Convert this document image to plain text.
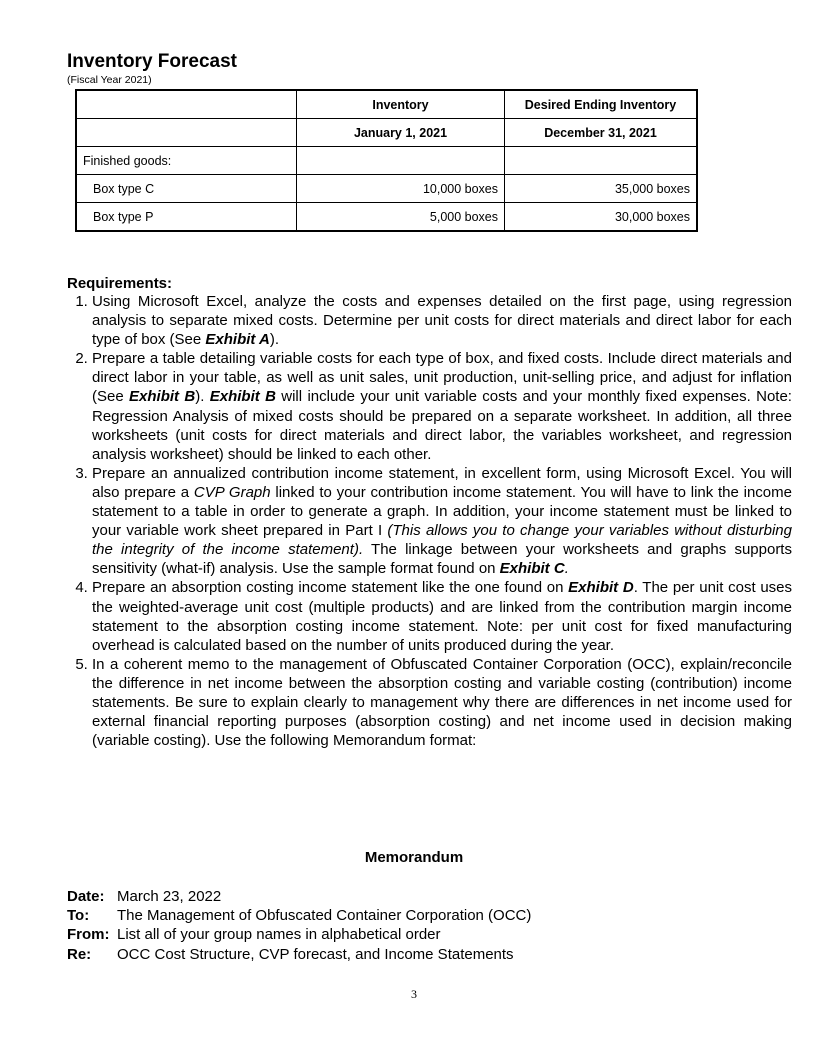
Inventory Forecast
(Fiscal Year 2021)
	Inventory	Desired Ending Inventory
	January 1, 2021	December 31, 2021
Finished goods:		
Box type C	10,000 boxes	35,000 boxes
Box type P	5,000 boxes	30,000 boxes
Requirements:
1. Using Microsoft Excel, analyze the costs and expenses detailed on the first page, using regression analysis to separate mixed costs. Determine per unit costs for direct materials and direct labor for each type of box (See Exhibit A).
2. Prepare a table detailing variable costs for each type of box, and fixed costs. Include direct materials and direct labor in your table, as well as unit sales, unit production, unit-selling price, and adjust for inflation (See Exhibit B). Exhibit B will include your unit variable costs and your monthly fixed expenses. Note: Regression Analysis of mixed costs should be prepared on a separate worksheet. In addition, all three worksheets (unit costs for direct materials and direct labor, the variables worksheet, and regression analysis worksheet) should be linked to each other.
3. Prepare an annualized contribution income statement, in excellent form, using Microsoft Excel. You will also prepare a CVP Graph linked to your contribution income statement. You will have to link the income statement to a table in order to generate a graph. In addition, your income statement must be linked to your variable work sheet prepared in Part I (This allows you to change your variables without disturbing the integrity of the income statement). The linkage between your worksheets and graphs supports sensitivity (what-if) analysis. Use the sample format found on Exhibit C.
4. Prepare an absorption costing income statement like the one found on Exhibit D. The per unit cost uses the weighted-average unit cost (multiple products) and are linked from the contribution margin income statement to the absorption costing income statement. Note: per unit cost for fixed manufacturing overhead is calculated based on the number of units produced during the year.
5. In a coherent memo to the management of Obfuscated Container Corporation (OCC), explain/reconcile the difference in net income between the absorption costing and variable costing (contribution) income statements. Be sure to explain clearly to management why there are differences in net income used for external financial reporting purposes (absorption costing) and net income used in decision making (variable costing). Use the following Memorandum format:
Memorandum
Date: March 23, 2022
To:	The Management of Obfuscated Container Corporation (OCC)
From: List all of your group names in alphabetical order
Re:	OCC Cost Structure, CVP forecast, and Income Statements
3
